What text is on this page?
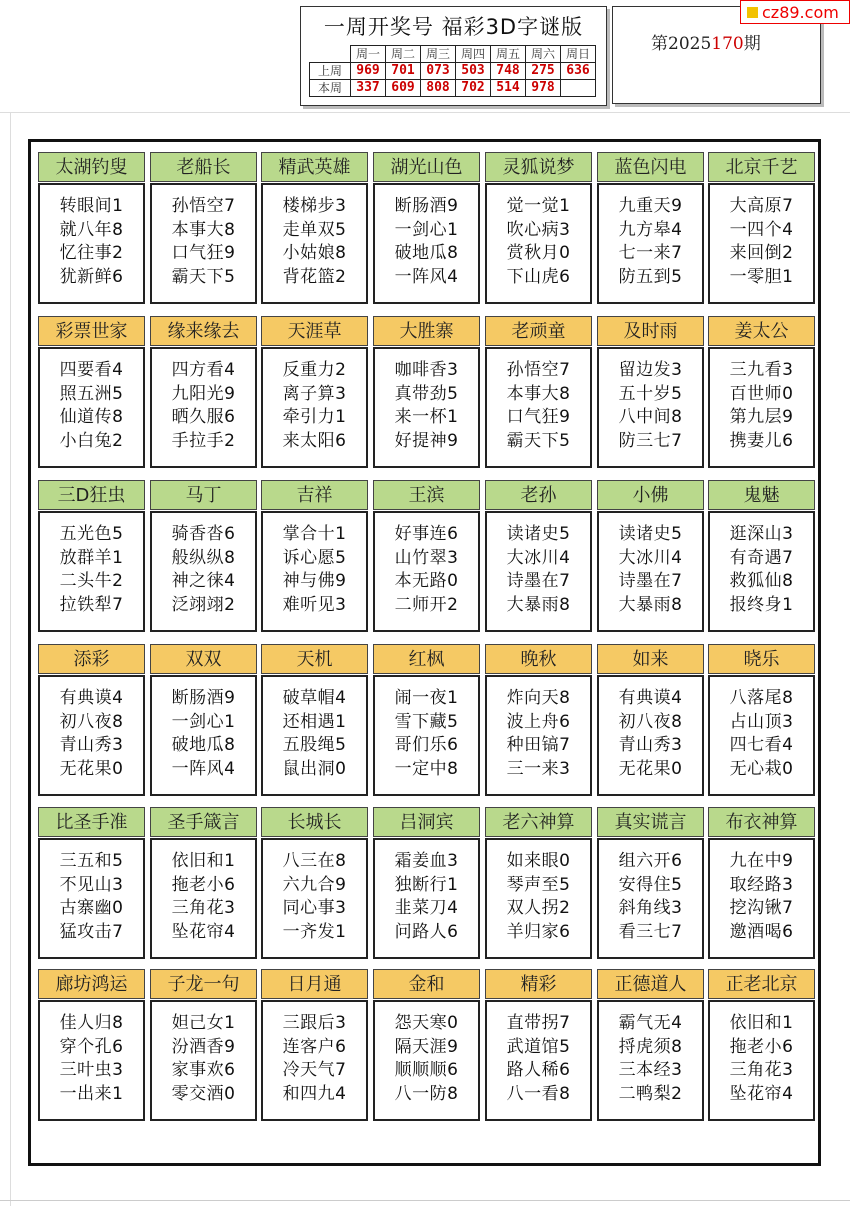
一周开奖号 福彩3D字谜版
	周一	周二	周三	周四	周五	周六	周日
上周	969	701	073	503	748	275	636
本周	337	609	808	702	514	978	
第2025170期
cz89.com
太湖钓叟
转眼间1
就八年8
忆往事2
犹新鲜6
老船长
孙悟空7
本事大8
口气狂9
霸天下5
精武英雄
楼梯步3
走单双5
小姑娘8
背花篮2
湖光山色
断肠酒9
一剑心1
破地瓜8
一阵风4
灵狐说梦
觉一觉1
吹心病3
赏秋月0
下山虎6
蓝色闪电
九重天9
九方皋4
七一来7
防五到5
北京千艺
大高原7
一四个4
来回倒2
一零胆1
彩票世家
四要看4
照五洲5
仙道传8
小白兔2
缘来缘去
四方看4
九阳光9
晒久服6
手拉手2
天涯草
反重力2
离子算3
牵引力1
来太阳6
大胜寨
咖啡香3
真带劲5
来一杯1
好提神9
老顽童
孙悟空7
本事大8
口气狂9
霸天下5
及时雨
留边发3
五十岁5
八中间8
防三七7
姜太公
三九看3
百世师0
第九层9
携妻儿6
三D狂虫
五光色5
放群羊1
二头牛2
拉铁犁7
马丁
骑香沓6
般纵纵8
神之徕4
泛翊翊2
吉祥
掌合十1
诉心愿5
神与佛9
难听见3
王滨
好事连6
山竹翠3
本无路0
二师开2
老孙
读诸史5
大冰川4
诗墨在7
大暴雨8
小佛
读诸史5
大冰川4
诗墨在7
大暴雨8
鬼魅
逛深山3
有奇遇7
救狐仙8
报终身1
添彩
有典谟4
初八夜8
青山秀3
无花果0
双双
断肠酒9
一剑心1
破地瓜8
一阵风4
天机
破草帽4
还相遇1
五股绳5
鼠出洞0
红枫
闹一夜1
雪下藏5
哥们乐6
一定中8
晚秋
炸向天8
波上舟6
种田镐7
三一来3
如来
有典谟4
初八夜8
青山秀3
无花果0
晓乐
八落尾8
占山顶3
四七看4
无心栽0
比圣手准
三五和5
不见山3
古寨幽0
猛攻击7
圣手箴言
依旧和1
拖老小6
三角花3
坠花帘4
长城长
八三在8
六九合9
同心事3
一齐发1
吕洞宾
霜姜血3
独断行1
韭菜刀4
问路人6
老六神算
如来眼0
琴声至5
双人拐2
羊归家6
真实谎言
组六开6
安得住5
斜角线3
看三七7
布衣神算
九在中9
取经路3
挖沟锹7
邀酒喝6
廊坊鸿运
佳人归8
穿个孔6
三叶虫3
一出来1
子龙一句
妲己女1
汾酒香9
家事欢6
零交酒0
日月通
三跟后3
连客户6
冷天气7
和四九4
金和
怨天寒0
隔天涯9
顺顺顺6
八一防8
精彩
直带拐7
武道馆5
路人稀6
八一看8
正德道人
霸气无4
捋虎须8
三本经3
二鸭梨2
正老北京
依旧和1
拖老小6
三角花3
坠花帘4
